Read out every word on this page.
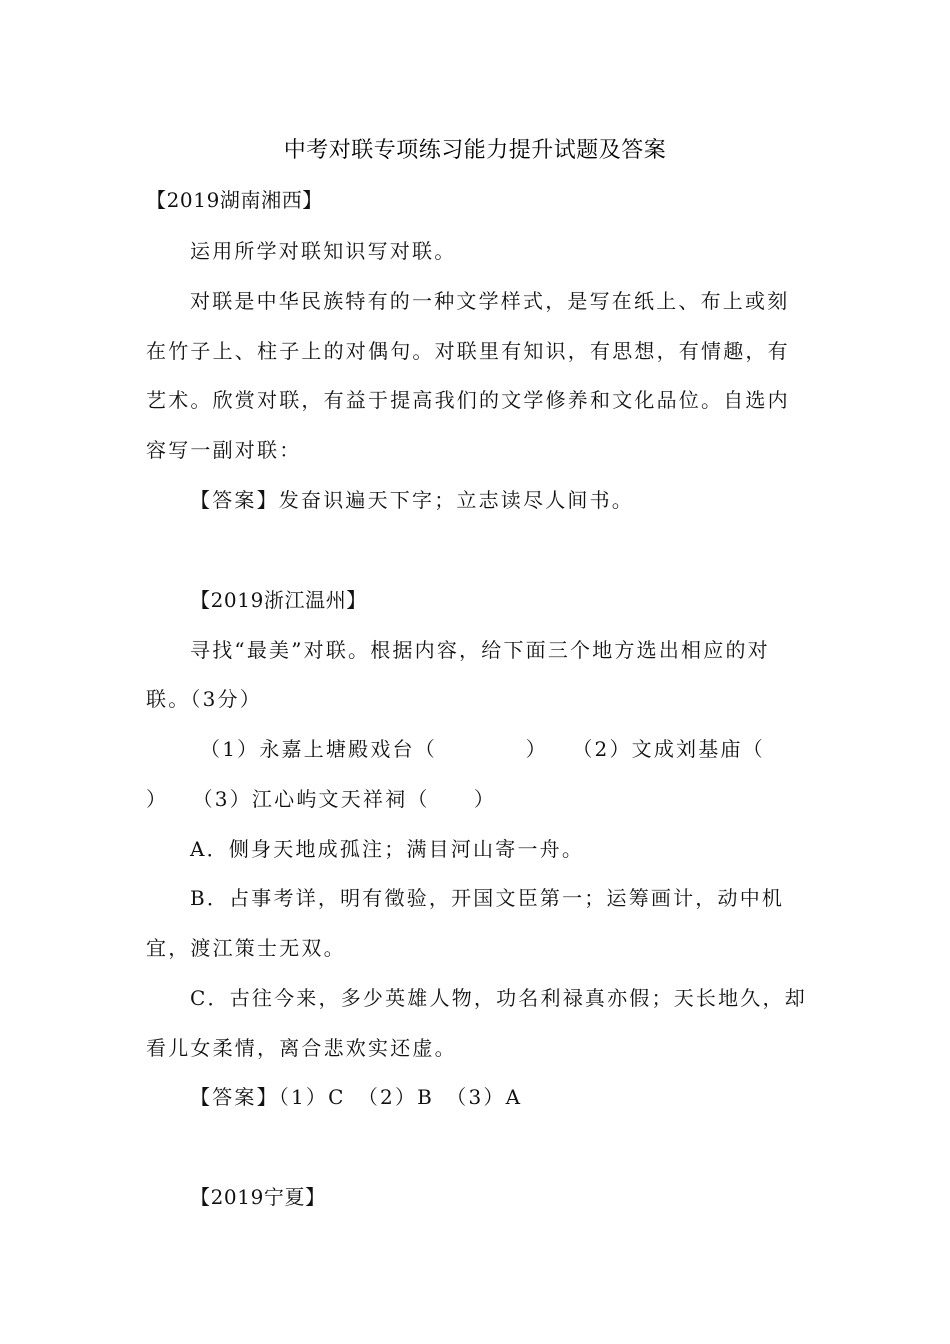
中考对联专项练习能力提升试题及答案
【2019湖南湘西】
运用所学对联知识写对联。
对联是中华民族特有的一种文学样式，是写在纸上、布上或刻
在竹子上、柱子上的对偶句。对联里有知识，有思想，有情趣，有
艺术。欣赏对联，有益于提高我们的文学修养和文化品位。自选内
容写一副对联：
【答案】发奋识遍天下字；立志读尽人间书。
【2019浙江温州】
寻找“最美”对联。根据内容，给下面三个地方选出相应的对
联。（3分）
（1）永嘉上塘殿戏台（　　　　）　　（2）文成刘基庙（
）　　（3）江心屿文天祥祠（　　）
A．侧身天地成孤注；满目河山寄一舟。
B．占事考详，明有徵验，开国文臣第一；运筹画计，动中机
宜，渡江策士无双。
C．古往今来，多少英雄人物，功名利禄真亦假；天长地久，却
看儿女柔情，离合悲欢实还虚。
【答案】（1）C　（2）B　（3）A
【2019宁夏】
